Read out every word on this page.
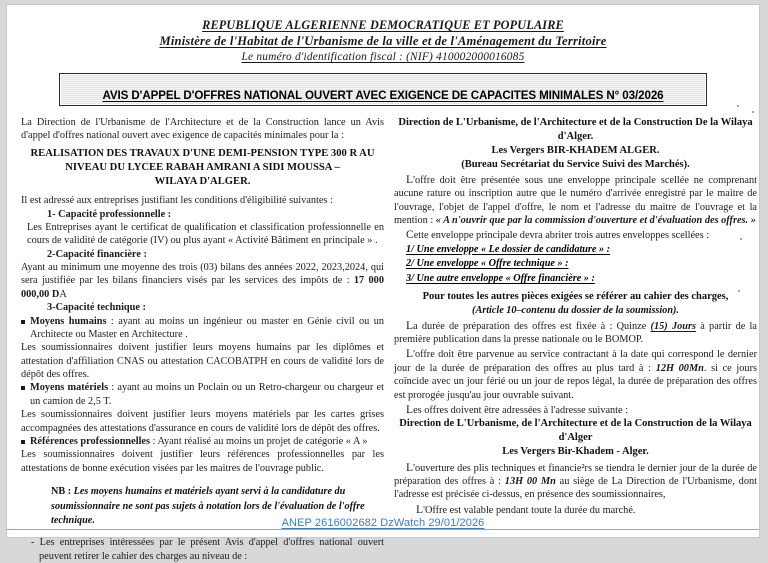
REPUBLIQUE ALGERIENNE DEMOCRATIQUE ET POPULAIRE
Ministère de l'Habitat de l'Urbanisme de la ville et de l'Aménagement du Territoire
Le numéro d'identification fiscal : (NIF) 410002000016085
AVIS D'APPEL D'OFFRES NATIONAL OUVERT AVEC EXIGENCE DE CAPACITES MINIMALES N° 03/2026

La Direction de l'Urbanisme de l'Architecture et de la Construction lance un Avis d'appel d'offres national ouvert avec exigence de capacités minimales pour la :

REALISATION DES TRAVAUX D'UNE DEMI-PENSION TYPE 300 R AU
NIVEAU DU LYCEE RABAH AMRANI A SIDI MOUSSA –
WILAYA D'ALGER.

Il est adressé aux entreprises justifiant les conditions d'éligibilité suivantes :

1- Capacité professionnelle :

Les Entreprises ayant le certificat de qualification et classification professionnelle en cours de validité de catégorie (IV) ou plus ayant « Activité Bâtiment en principale » .

2-Capacité financière :

Ayant au minimum une moyenne des trois (03) bilans des années 2022, 2023,2024, qui sera justifiée par les bilans financiers visés par les services des impôts de : 17 000 000,00 DA

3-Capacité technique :

Moyens humains : ayant au moins un ingénieur ou master en Génie civil ou un Architecte ou Master en Architecture .

Les soumissionnaires doivent justifier leurs moyens humains par les diplômes et attestation d'affiliation CNAS ou attestation CACOBATPH en cours de validité lors de dépôt des offres.

Moyens matériels : ayant au moins un Poclain ou un Retro-chargeur ou chargeur et un camion de 2,5 T.

Les soumissionnaires doivent justifier leurs moyens matériels par les cartes grises accompagnées des attestations d'assurance en cours de validité lors de dépôt des offres.

Références professionnelles : Ayant réalisé au moins un projet de catégorie « A »

Les soumissionnaires doivent justifier leurs références professionnelles par les attestations de bonne exécution visées par les maitres de l'ouvrage public.

NB : Les moyens humains et matériels ayant servi à la candidature du soumissionnaire ne sont pas sujets à notation lors de l'évaluation de l'offre technique.

- Les entreprises intéressées par le présent Avis d'appel d'offres national ouvert peuvent retirer le cahier des charges au niveau de :

Direction de L'Urbanisme, de l'Architecture et de la Construction De la Wilaya d'Alger.
Les Vergers BIR-KHADEM ALGER.
(Bureau Secrétariat du Service Suivi des Marchés).

L'offre doit être présentée sous une enveloppe principale scellée ne comprenant aucune rature ou inscription autre que le numéro d'arrivée enregistré par le maitre de l'ouvrage, l'objet de l'appel d'offre, le nom et l'adresse du maitre de l'ouvrage et la mention : « A n'ouvrir que par la commission d'ouverture et d'évaluation des offres. »

Cette enveloppe principale devra abriter trois autres enveloppes scellées :

1/ Une enveloppe « Le dossier de candidature » :
2/ Une enveloppe « Offre technique » :
3/ Une autre enveloppe « Offre financière » :
Pour toutes les autres pièces exigées se référer au cahier des charges,
(Article 10–contenu du dossier de la soumission).

La durée de préparation des offres est fixée à : Quinze (15) Jours à partir de la première publication dans la presse nationale ou le BOMOP.

L'offre doit être parvenue au service contractant à la date qui correspond le dernier jour de la durée de préparation des offres au plus tard à : 12H 00Mn. si ce jours coïncide avec un jour férié ou un jour de repos légal, la durée de préparation des offres est prorogée jusqu'au jour ouvrable suivant.

Les offres doivent être adressées à l'adresse suivante :

Direction de L'Urbanisme, de l'Architecture et de la Construction de la Wilaya d'Alger
Les Vergers Bir-Khadem - Alger.

L'ouverture des plis techniques et financie²rs se tiendra le dernier jour de la durée de préparation des offres à : 13H 00 Mn au siège de La Direction de l'Urbanisme, dont l'adresse est précisée ci-dessus, en présence des soumissionnaires,

L'Offre est valable pendant toute la durée du marché.

ANEP 2616002682 DzWatch 29/01/2026
